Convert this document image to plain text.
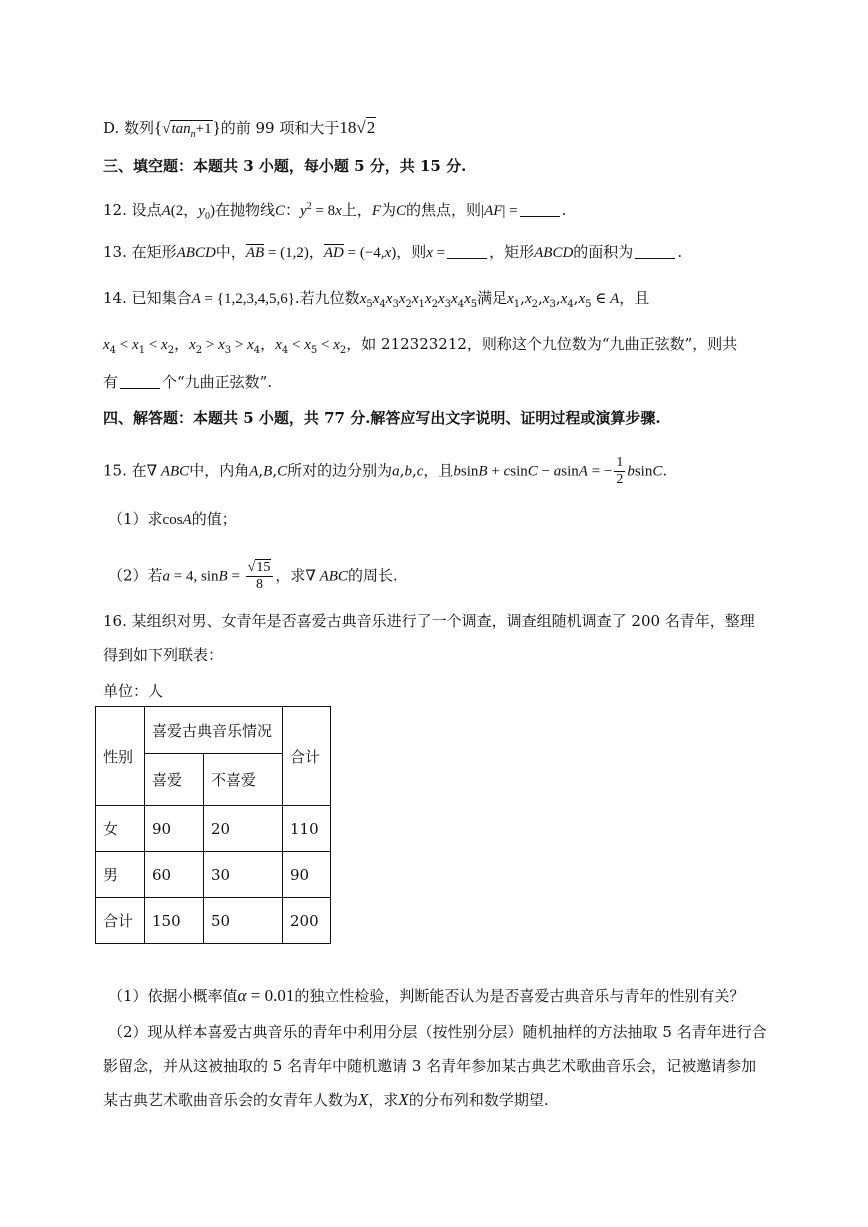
D. 数列$\{√\tan_n+1\}$的前 99 项和大于18√2
三、填空题：本题共 3 小题，每小题 5 分，共 15 分.
12. 设点A(2，$y_0$)在抛物线C：$y^2 = 8x$上，F为C的焦点，则|AF| =	.
13. 在矩形ABCD中，AB = (1,2)，AD = (−4,x)，则x =	，矩形ABCD的面积为	.
14. 已知集合A = {1,2,3,4,5,6}.若九位数$x_5x_4x_3x_2x_1x_2x_3x_4x_5$满足$x_1,x_2,x_3,x_4,x_5$ ∈ A，且
$x_4 < x_1 < x_2$，$x_2 > x_3 > x_4$，$x_4 < x_5 < x_2$，如 212323212，则称这个九位数为“九曲正弦数”，则共
有	个“九曲正弦数”.
四、解答题：本题共 5 小题，共 77 分.解答应写出文字说明、证明过程或演算步骤.
15. 在∇ ABC中，内角A,B,C所对的边分别为a,b,c，且bsinB + csinC − asinA = − $\frac{1}{2} bsinC$.
（1）求cosA的值；
（2）若a = 4, $\sin B = \frac{√15}{8}$ ，求∇ ABC的周长.
16. 某组织对男、女青年是否喜爱古典音乐进行了一个调查，调查组随机调查了 200 名青年，整理
得到如下列联表：
单位：人
性别	喜爱古典音乐情况		合计
	喜爱	不喜爱	
女	90	20	110
男	60	30	90
合计	150	50	200
（1）依据小概率值α = 0.01的独立性检验，判断能否认为是否喜爱古典音乐与青年的性别有关？
（2）现从样本喜爱古典音乐的青年中利用分层（按性别分层）随机抽样的方法抽取 5 名青年进行合
影留念，并从这被抽取的 5 名青年中随机邀请 3 名青年参加某古典艺术歌曲音乐会，记被邀请参加
某古典艺术歌曲音乐会的女青年人数为X，求X的分布列和数学期望.
